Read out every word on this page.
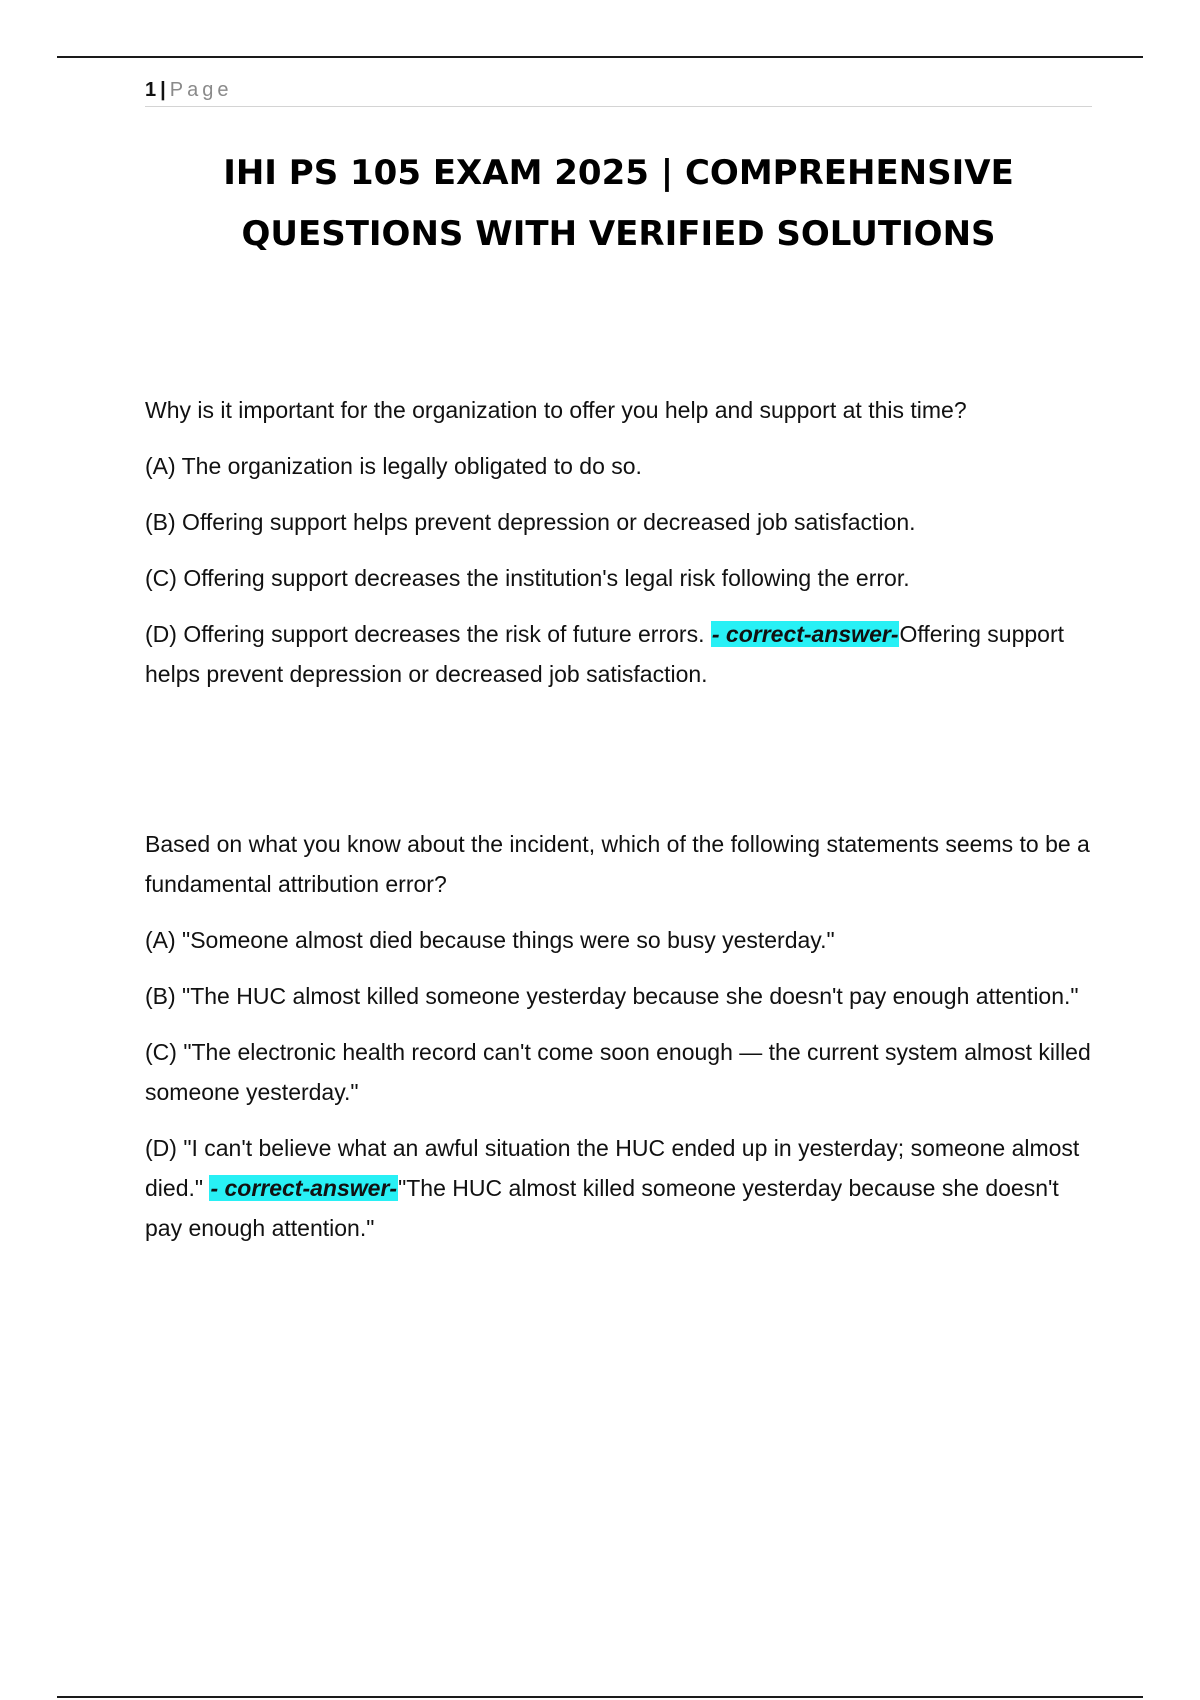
1 | Page
IHI PS 105 EXAM 2025 | COMPREHENSIVE
QUESTIONS WITH VERIFIED SOLUTIONS

Why is it important for the organization to offer you help and support at this time?

(A) The organization is legally obligated to do so.

(B) Offering support helps prevent depression or decreased job satisfaction.

(C) Offering support decreases the institution's legal risk following the error.

(D) Offering support decreases the risk of future errors. - correct-answer-Offering support helps prevent depression or decreased job satisfaction.

Based on what you know about the incident, which of the following statements seems to be a fundamental attribution error?

(A) "Someone almost died because things were so busy yesterday."

(B) "The HUC almost killed someone yesterday because she doesn't pay enough attention."

(C) "The electronic health record can't come soon enough — the current system almost killed someone yesterday."

(D) "I can't believe what an awful situation the HUC ended up in yesterday; someone almost died." - correct-answer-"The HUC almost killed someone yesterday because she doesn't pay enough attention."
